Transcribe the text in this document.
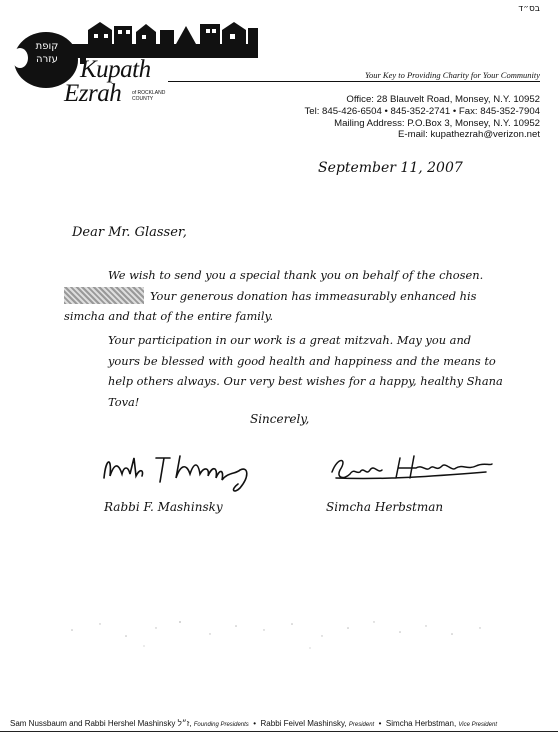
בס״ד
קופת
עזרה Kupath
Ezrah of ROCKLAND COUNTY
Your Key to Providing Charity for Your Community
Office: 28 Blauvelt Road, Monsey, N.Y. 10952
Tel: 845-426-6504 • 845-352-2741 • Fax: 845-352-7904
Mailing Address: P.O.Box 3, Monsey, N.Y. 10952
E-mail: kupathezrah@verizon.net
September 11, 2007
Dear Mr. Glasser,
We wish to send you a special thank you on behalf of the chosen.
Your generous donation has immeasurably enhanced his simcha and that of the entire family.
Your participation in our work is a great mitzvah. May you and yours be blessed with good health and happiness and the means to help others always. Our very best wishes for a happy, healthy Shana Tova!
Sincerely,
Rabbi F. Mashinsky	Simcha Herbstman
Sam Nussbaum and Rabbi Hershel Mashinsky ז״ל, Founding Presidents  •  Rabbi Feivel Mashinsky, President  •  Simcha Herbstman, Vice President
